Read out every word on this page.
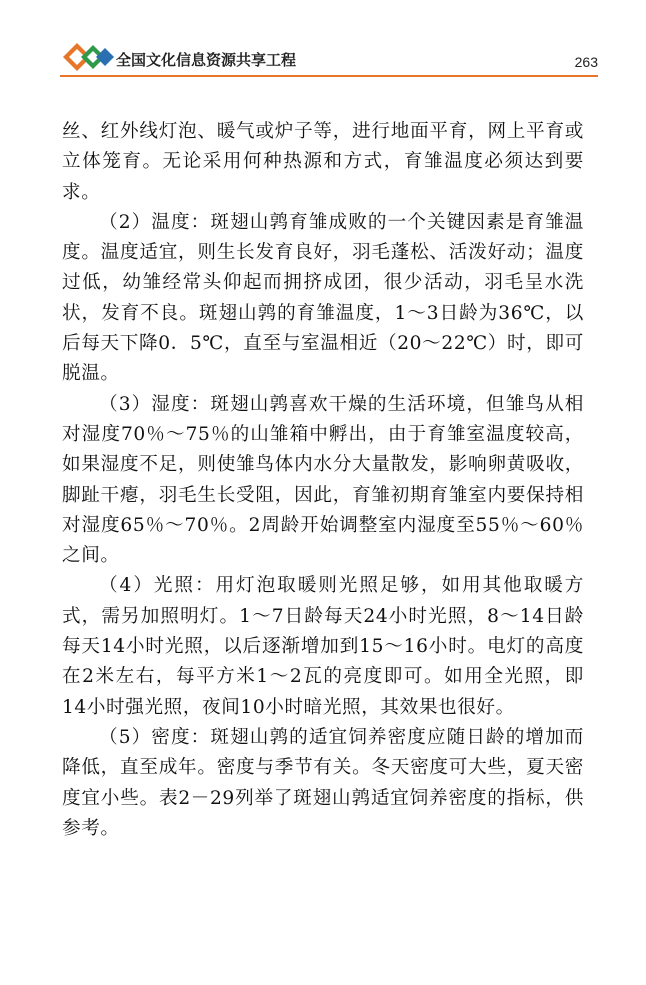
全国文化信息资源共享工程	263

丝、红外线灯泡、暖气或炉子等，进行地面平育，网上平育或立体笼育。无论采用何种热源和方式，育雏温度必须达到要求。

（2）温度：斑翅山鹑育雏成败的一个关键因素是育雏温度。温度适宜，则生长发育良好，羽毛蓬松、活泼好动；温度过低，幼雏经常头仰起而拥挤成团，很少活动，羽毛呈水洗状，发育不良。斑翅山鹑的育雏温度，1～3日龄为36℃，以后每天下降0．5℃，直至与室温相近（20～22℃）时，即可脱温。

（3）湿度：斑翅山鹑喜欢干燥的生活环境，但雏鸟从相对湿度70％～75％的山雏箱中孵出，由于育雏室温度较高，如果湿度不足，则使雏鸟体内水分大量散发，影响卵黄吸收，脚趾干瘪，羽毛生长受阻，因此，育雏初期育雏室内要保持相对湿度65％～70％。2周龄开始调整室内湿度至55％～60％之间。

（4）光照：用灯泡取暖则光照足够，如用其他取暖方式，需另加照明灯。1～7日龄每天24小时光照，8～14日龄每天14小时光照，以后逐渐增加到15～16小时。电灯的高度在2米左右，每平方米1～2瓦的亮度即可。如用全光照，即14小时强光照，夜间10小时暗光照，其效果也很好。

（5）密度：斑翅山鹑的适宜饲养密度应随日龄的增加而降低，直至成年。密度与季节有关。冬天密度可大些，夏天密度宜小些。表2－29列举了斑翅山鹑适宜饲养密度的指标，供参考。
